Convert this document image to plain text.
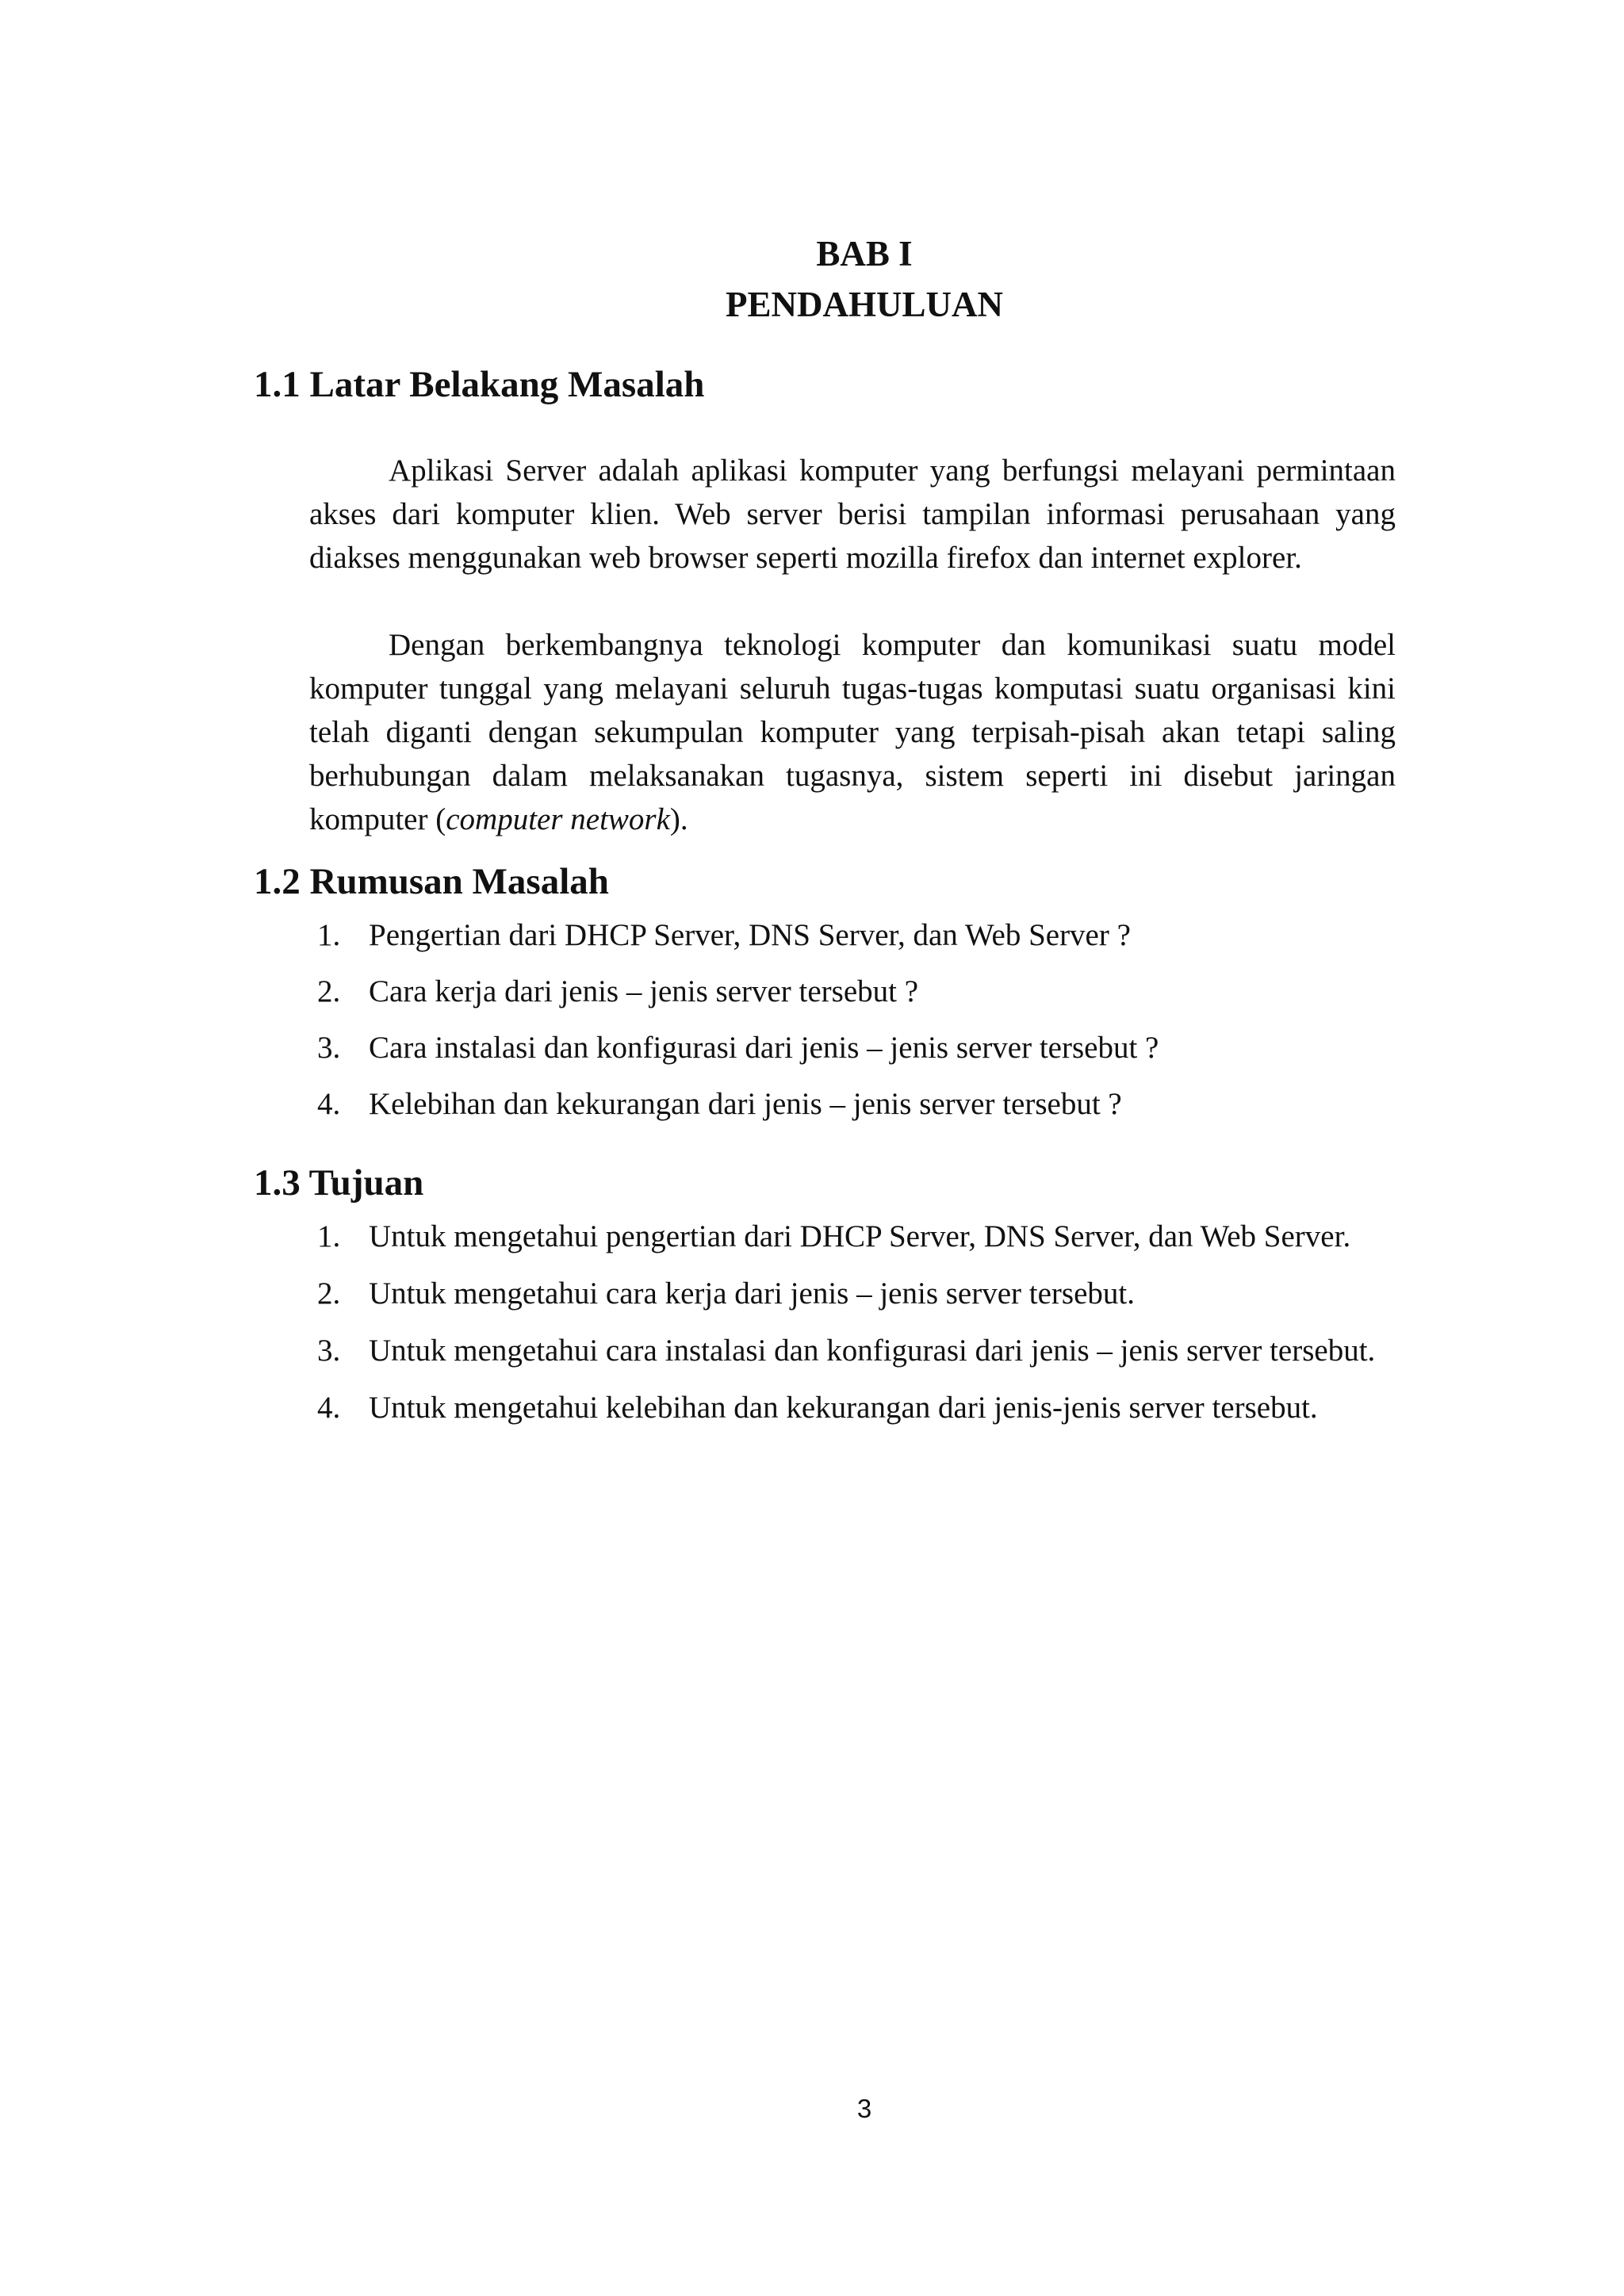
BAB I
PENDAHULUAN
1.1 Latar Belakang Masalah

Aplikasi Server adalah aplikasi komputer yang berfungsi melayani permintaan akses dari komputer klien. Web server berisi tampilan informasi perusahaan yang diakses menggunakan web browser seperti mozilla firefox dan internet explorer.

Dengan berkembangnya teknologi komputer dan komunikasi suatu model komputer tunggal yang melayani seluruh tugas-tugas komputasi suatu organisasi kini telah diganti dengan sekumpulan komputer yang terpisah-pisah akan tetapi saling berhubungan dalam melaksanakan tugasnya, sistem seperti ini disebut jaringan komputer (computer network).

1.2 Rumusan Masalah
1. Pengertian dari DHCP Server, DNS Server, dan Web Server ?
2. Cara kerja dari jenis – jenis server tersebut ?
3. Cara instalasi dan konfigurasi dari jenis – jenis server tersebut ?
4. Kelebihan dan kekurangan dari jenis – jenis server tersebut ?
1.3 Tujuan
1. Untuk mengetahui pengertian dari DHCP Server, DNS Server, dan Web Server.
2. Untuk mengetahui cara kerja dari jenis – jenis server tersebut.
3. Untuk mengetahui cara instalasi dan konfigurasi dari jenis – jenis server tersebut.
4. Untuk mengetahui kelebihan dan kekurangan dari jenis-jenis server tersebut.
3
